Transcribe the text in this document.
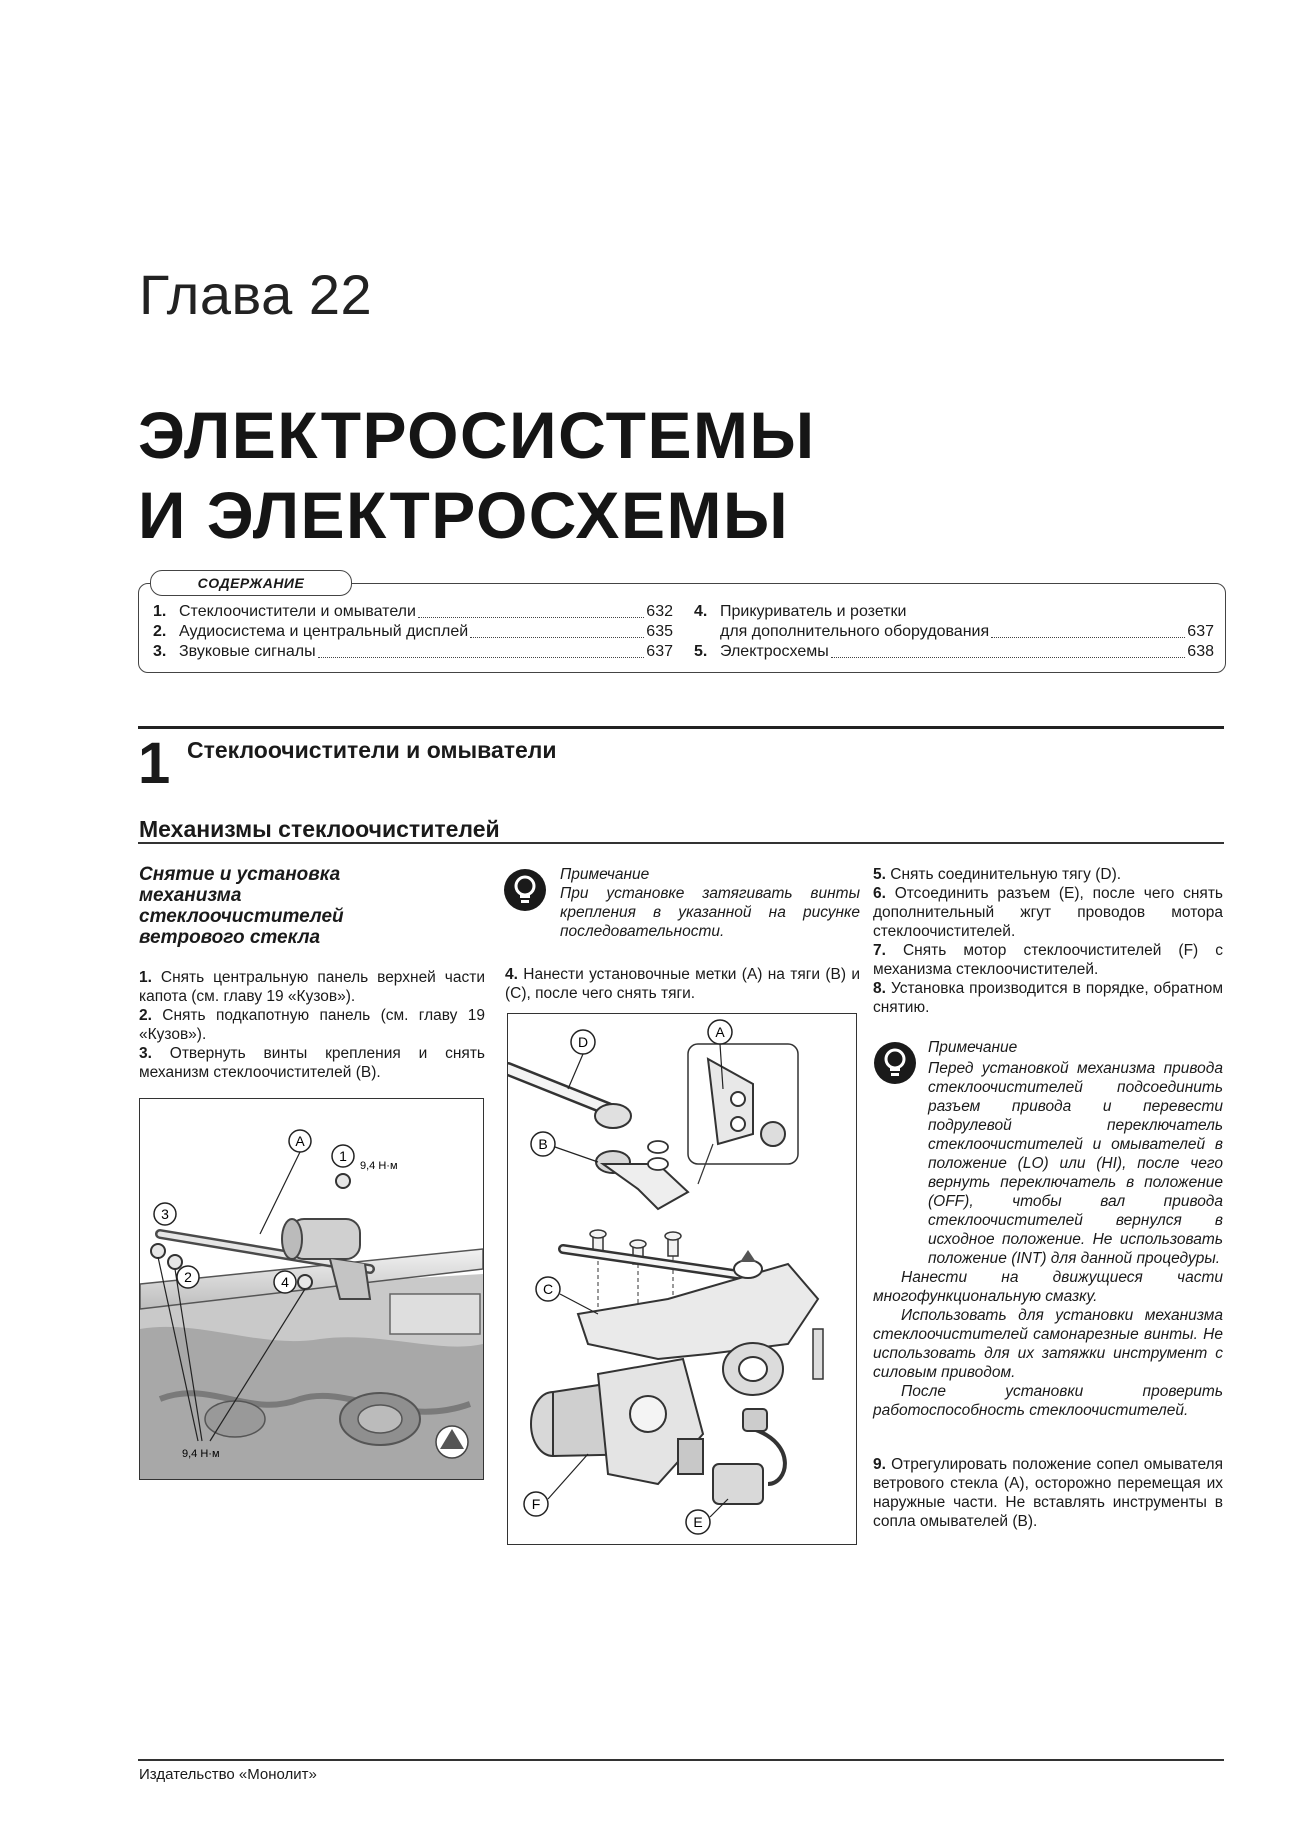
Глава 22
ЭЛЕКТРОСИСТЕМЫ
И ЭЛЕКТРОСХЕМЫ
1. Стеклоочистители и омыватели	632
2. Аудиосистема и центральный дисплей	635
3. Звуковые сигналы	637
4. Прикуриватель и розетки
для дополнительного оборудования	637
5. Электросхемы	638
СОДЕРЖАНИЕ
1 Стеклоочистители и омыватели
Механизмы стеклоочистителей
Снятие и установка
механизма
стеклоочистителей
ветрового стекла

1. Снять центральную панель верхней части капота (см. главу 19 «Кузов»).

2. Снять подкапотную панель (см. главу 19 «Кузов»).

3. Отвернуть винты крепления и снять механизм стеклоочистителей (B).

A
1
9,4 Н·м
3
2	4
9,4 Н·м

Примечание

При установке затягивать винты крепления в указанной на рисунке последовательности.

4. Нанести установочные метки (A) на тяги (B) и (C), после чего снять тяги.

D
A
B
C
F
E

5. Снять соединительную тягу (D).

6. Отсоединить разъем (E), после чего снять дополнительный жгут проводов мотора стеклоочистителей.

7. Снять мотор стеклоочистителей (F) с механизма стеклоочистителей.

8. Установка производится в порядке, обратном снятию.

Примечание

Перед установкой механизма привода стеклоочистителей подсоединить разъем привода и перевести подрулевой переключатель стеклоочистителей и омывателей в положение (LO) или (HI), после чего вернуть переключатель в положение (OFF), чтобы вал привода стеклоочистителей вернулся в исходное положение. Не использовать положение (INT) для данной процедуры.

Нанести на движущиеся части многофункциональную смазку.

Использовать для установки механизма стеклоочистителей самонарезные винты. Не использовать для их затяжки инструмент с силовым приводом.

После установки проверить работоспособность стеклоочистителей.

9. Отрегулировать положение сопел омывателя ветрового стекла (A), осторожно перемещая их наружные части. Не вставлять инструменты в сопла омывателей (B).

Издательство «Монолит»
